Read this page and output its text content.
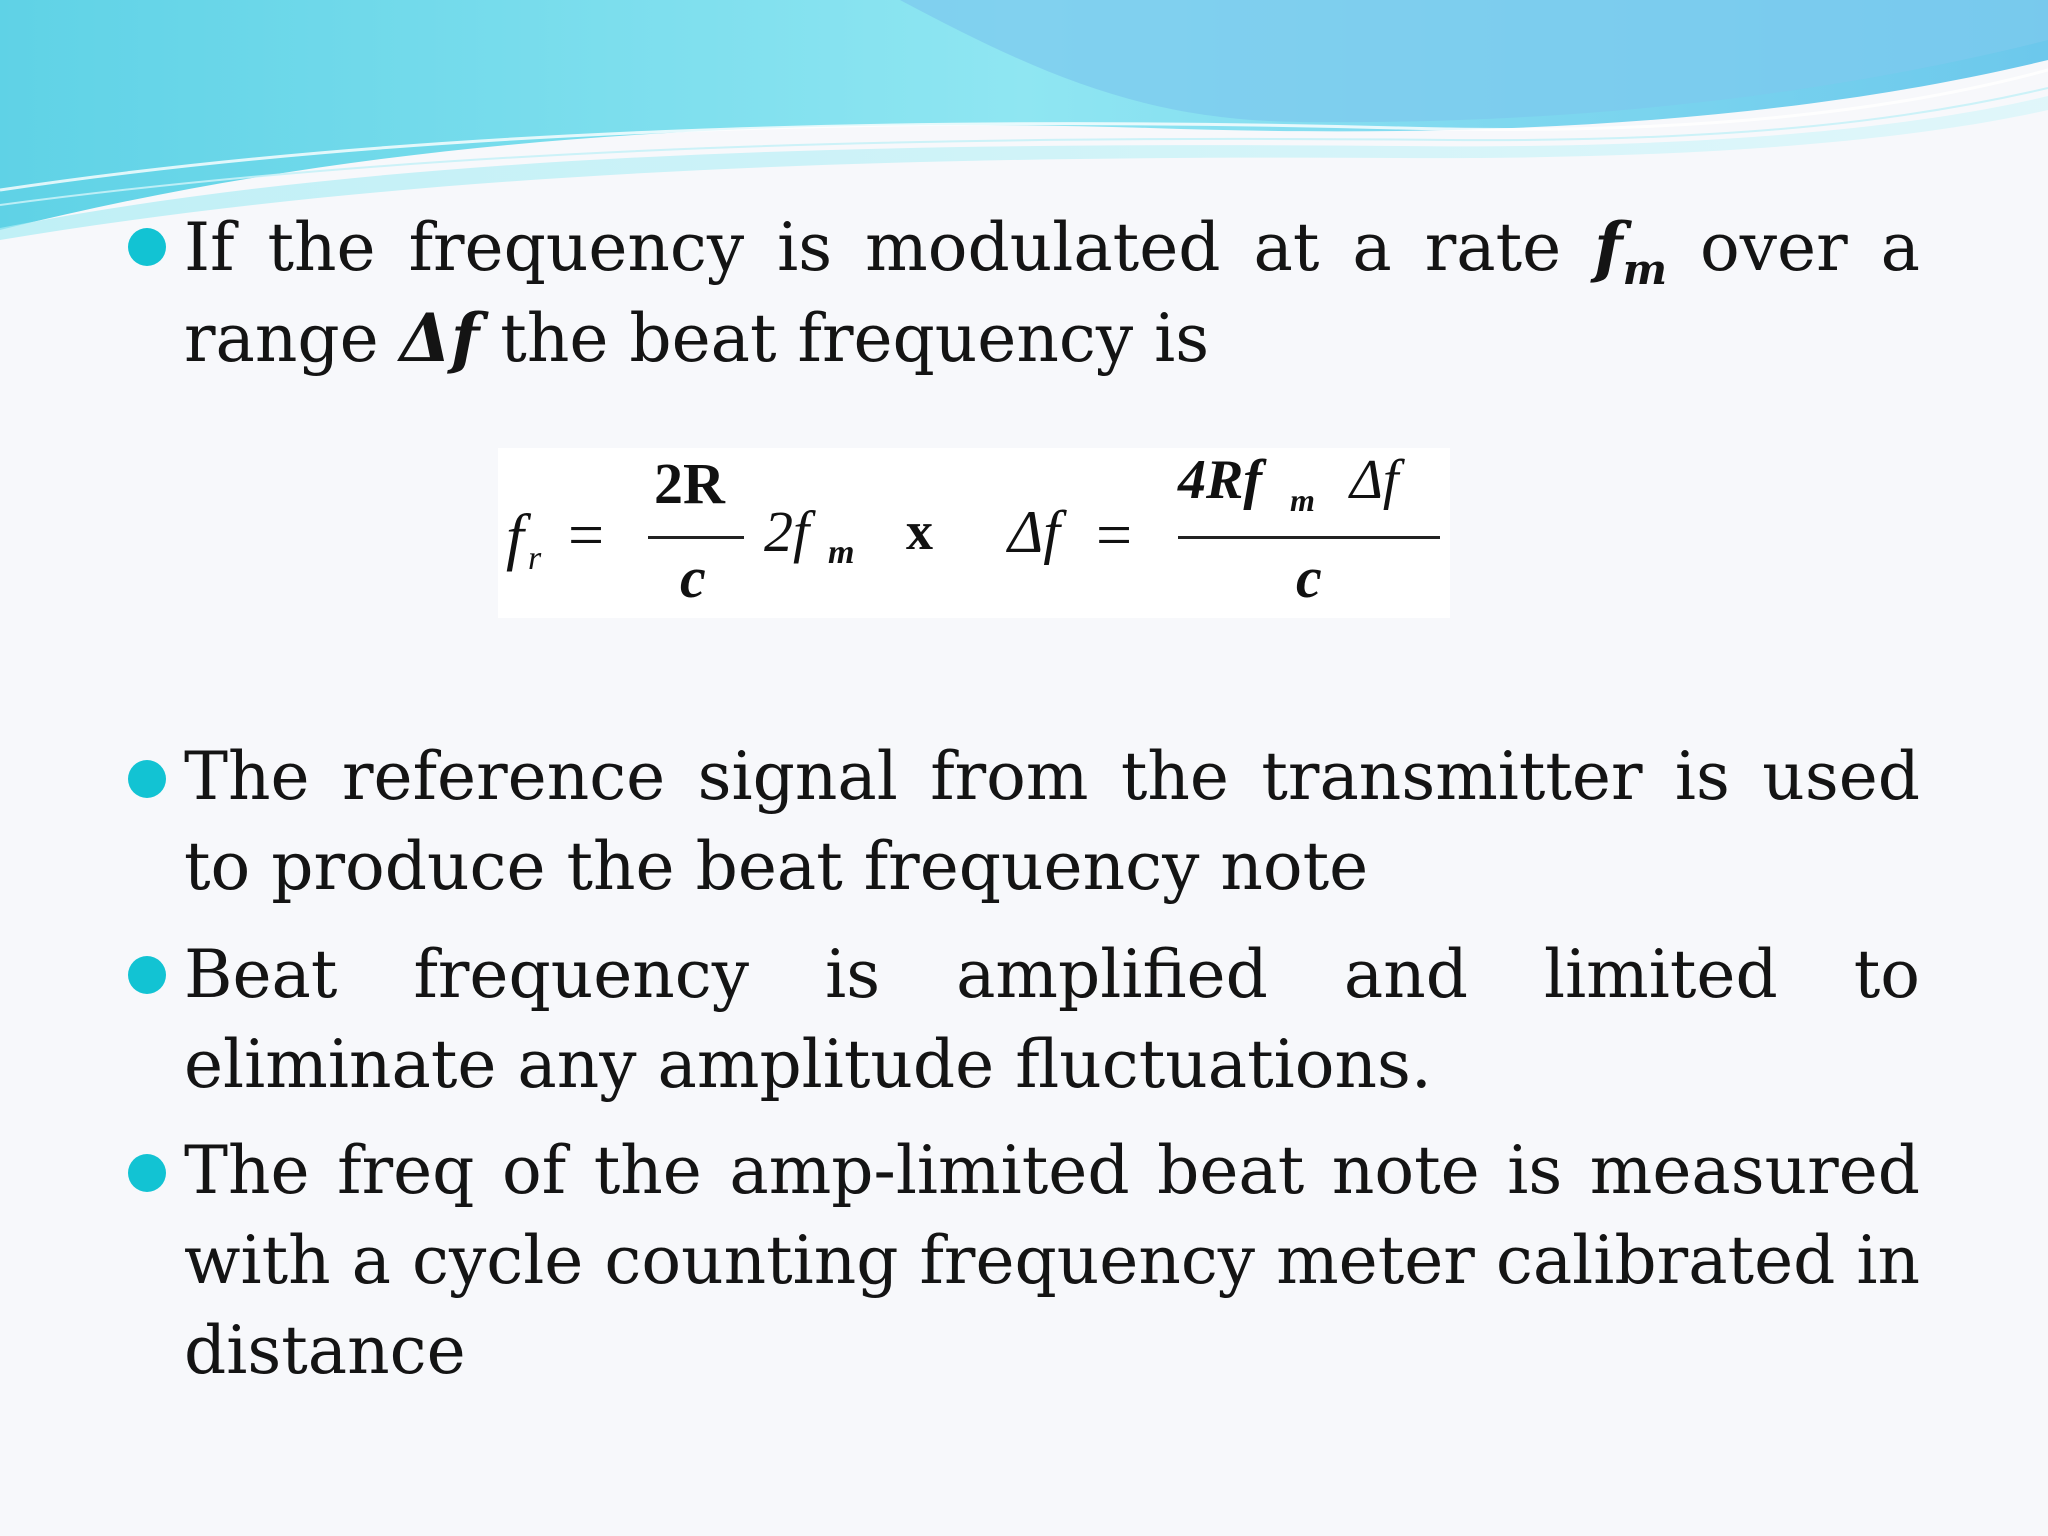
If the frequency is modulated at a rate $f_m$ over a range Δf the beat frequency is
f r =
2R
c
2f m x Δf =
4Rf m Δf
c
The reference signal from the transmitter is used to produce the beat frequency note
Beat frequency is amplified and limited to eliminate any amplitude fluctuations.
The freq of the amp-limited beat note is measured with a cycle counting frequency meter calibrated in distance
